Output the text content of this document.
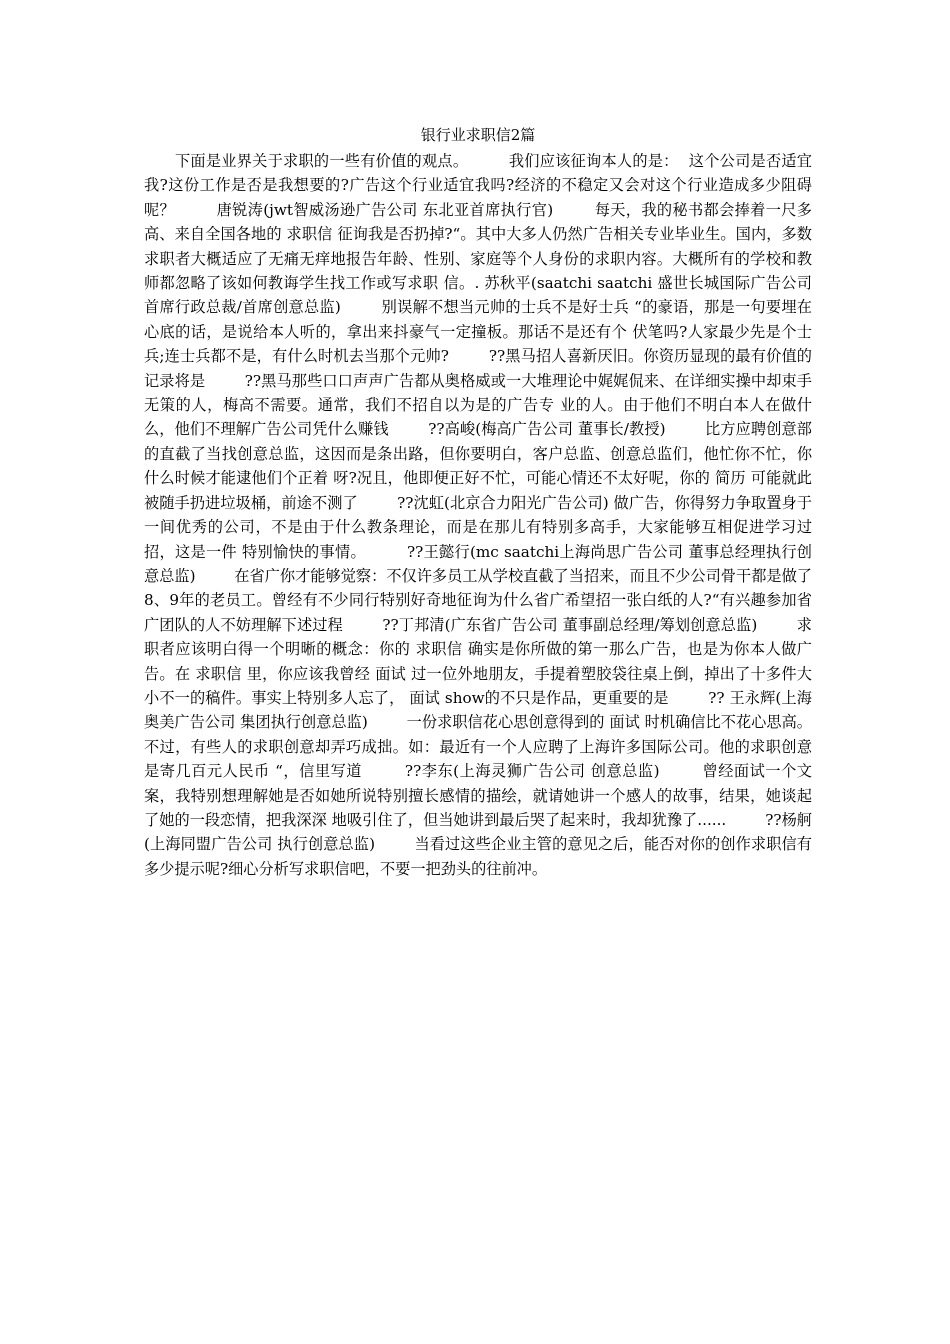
银行业求职信2篇

下面是业界关于求职的一些有价值的观点。        我们应该征询本人的是：  这个公司是否适宜我?这份工作是否是我想要的?广告这个行业适宜我吗?经济的不稳定又会对这个行业造成多少阻碍呢？        唐锐涛(jwt智威汤逊广告公司 东北亚首席执行官)        每天，我的秘书都会捧着一尺多高、来自全国各地的 求职信 征询我是否扔掉?“。其中大多人仍然广告相关专业毕业生。国内，多数求职者大概适应了无痛无痒地报告年龄、性别、家庭等个人身份的求职内容。大概所有的学校和教师都忽略了该如何教诲学生找工作或写求职 信。. 苏秋平(saatchi saatchi 盛世长城国际广告公司 首席行政总裁/首席创意总监)        别误解不想当元帅的士兵不是好士兵 “的豪语，那是一句要埋在心底的话，是说给本人听的，拿出来抖豪气一定撞板。那话不是还有个 伏笔吗?人家最少先是个士兵;连士兵都不是，有什么时机去当那个元帅?        ??黑马招人喜新厌旧。你资历显现的最有价值的记录将是        ??黑马那些口口声声广告都从奥格威或一大堆理论中娓娓侃来、在详细实操中却束手无策的人，梅高不需要。通常，我们不招自以为是的广告专 业的人。由于他们不明白本人在做什么，他们不理解广告公司凭什么赚钱        ??高峻(梅高广告公司 董事长/教授)        比方应聘创意部的直截了当找创意总监，这因而是条出路，但你要明白，客户总监、创意总监们，他忙你不忙，你什么时候才能逮他们个正着 呀?况且，他即便正好不忙，可能心情还不太好呢，你的 简历 可能就此被随手扔进垃圾桶，前途不测了        ??沈虹(北京合力阳光广告公司) 做广告，你得努力争取置身于一间优秀的公司，不是由于什么教条理论，而是在那儿有特别多高手，大家能够互相促进学习过招，这是一件 特别愉快的事情。        ??王懿行(mc saatchi上海尚思广告公司 董事总经理执行创意总监)        在省广你才能够觉察：不仅许多员工从学校直截了当招来，而且不少公司骨干都是做了 8、9年的老员工。曾经有不少同行特别好奇地征询为什么省广希望招一张白纸的人?“有兴趣参加省广团队的人不妨理解下述过程        ??丁邦清(广东省广告公司 董事副总经理/筹划创意总监)        求职者应该明白得一个明晰的概念：你的 求职信 确实是你所做的第一那么广告，也是为你本人做广告。在 求职信 里，你应该我曾经 面试 过一位外地朋友，手提着塑胶袋往桌上倒，掉出了十多件大小不一的稿件。事实上特别多人忘了， 面试 show的不只是作品，更重要的是        ?? 王永辉(上海奥美广告公司 集团执行创意总监)        一份求职信花心思创意得到的 面试 时机确信比不花心思高。不过，有些人的求职创意却弄巧成拙。如：最近有一个人应聘了上海许多国际公司。他的求职创意是寄几百元人民币 “，信里写道        ??李东(上海灵狮广告公司 创意总监)        曾经面试一个文案，我特别想理解她是否如她所说特别擅长感情的描绘，就请她讲一个感人的故事，结果，她谈起了她的一段恋情，把我深深 地吸引住了，但当她讲到最后哭了起来时，我却犹豫了......        ??杨舸(上海同盟广告公司 执行创意总监)        当看过这些企业主管的意见之后，能否对你的创作求职信有多少提示呢?细心分析写求职信吧，不要一把劲头的往前冲。
